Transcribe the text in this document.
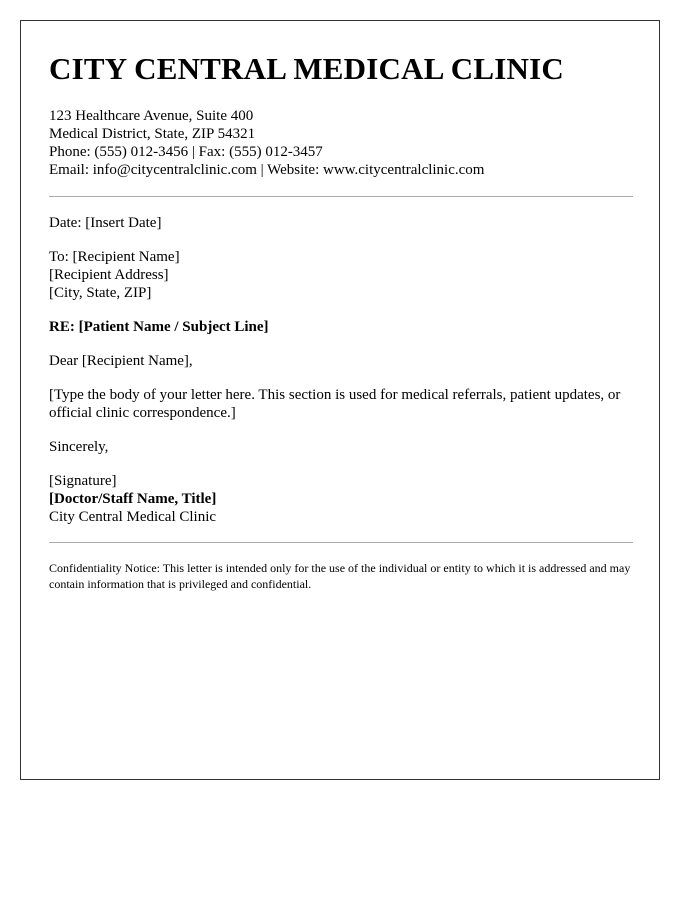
CITY CENTRAL MEDICAL CLINIC
123 Healthcare Avenue, Suite 400
Medical District, State, ZIP 54321
Phone: (555) 012-3456 | Fax: (555) 012-3457
Email: info@citycentralclinic.com | Website: www.citycentralclinic.com
Date: [Insert Date]
To: [Recipient Name]
[Recipient Address]
[City, State, ZIP]
RE: [Patient Name / Subject Line]
Dear [Recipient Name],
[Type the body of your letter here. This section is used for medical referrals, patient updates, or official clinic correspondence.]
Sincerely,
[Signature]
[Doctor/Staff Name, Title]
City Central Medical Clinic
Confidentiality Notice: This letter is intended only for the use of the individual or entity to which it is addressed and may contain information that is privileged and confidential.
